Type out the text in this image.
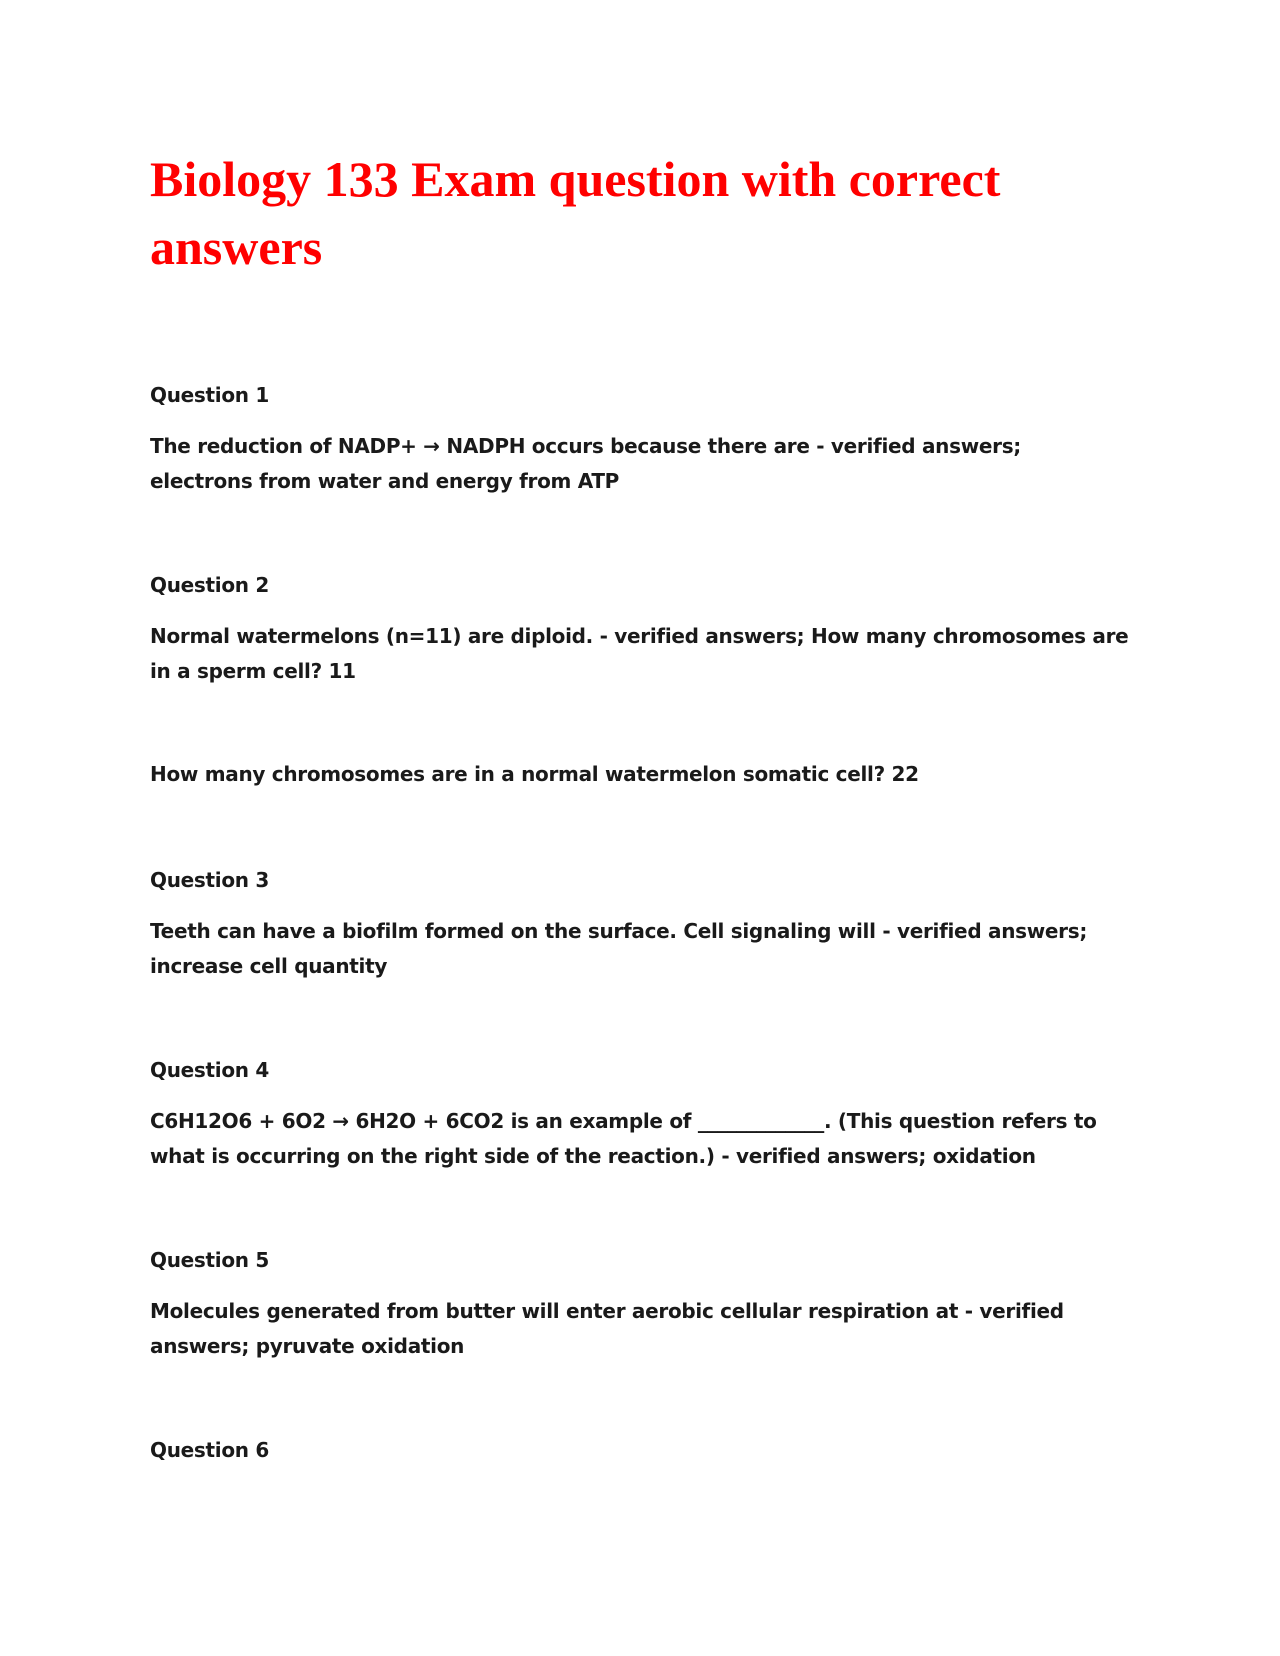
Biology 133 Exam question with correct answers

Question 1

The reduction of NADP+ → NADPH occurs because there are - verified answers; electrons from water and energy from ATP

Question 2

Normal watermelons (n=11) are diploid. - verified answers; How many chromosomes are in a sperm cell? 11

How many chromosomes are in a normal watermelon somatic cell? 22

Question 3

Teeth can have a biofilm formed on the surface. Cell signaling will - verified answers; increase cell quantity

Question 4

C6H12O6 + 6O2 → 6H2O + 6CO2 is an example of _____________. (This question refers to what is occurring on the right side of the reaction.) - verified answers; oxidation

Question 5

Molecules generated from butter will enter aerobic cellular respiration at - verified answers; pyruvate oxidation

Question 6
